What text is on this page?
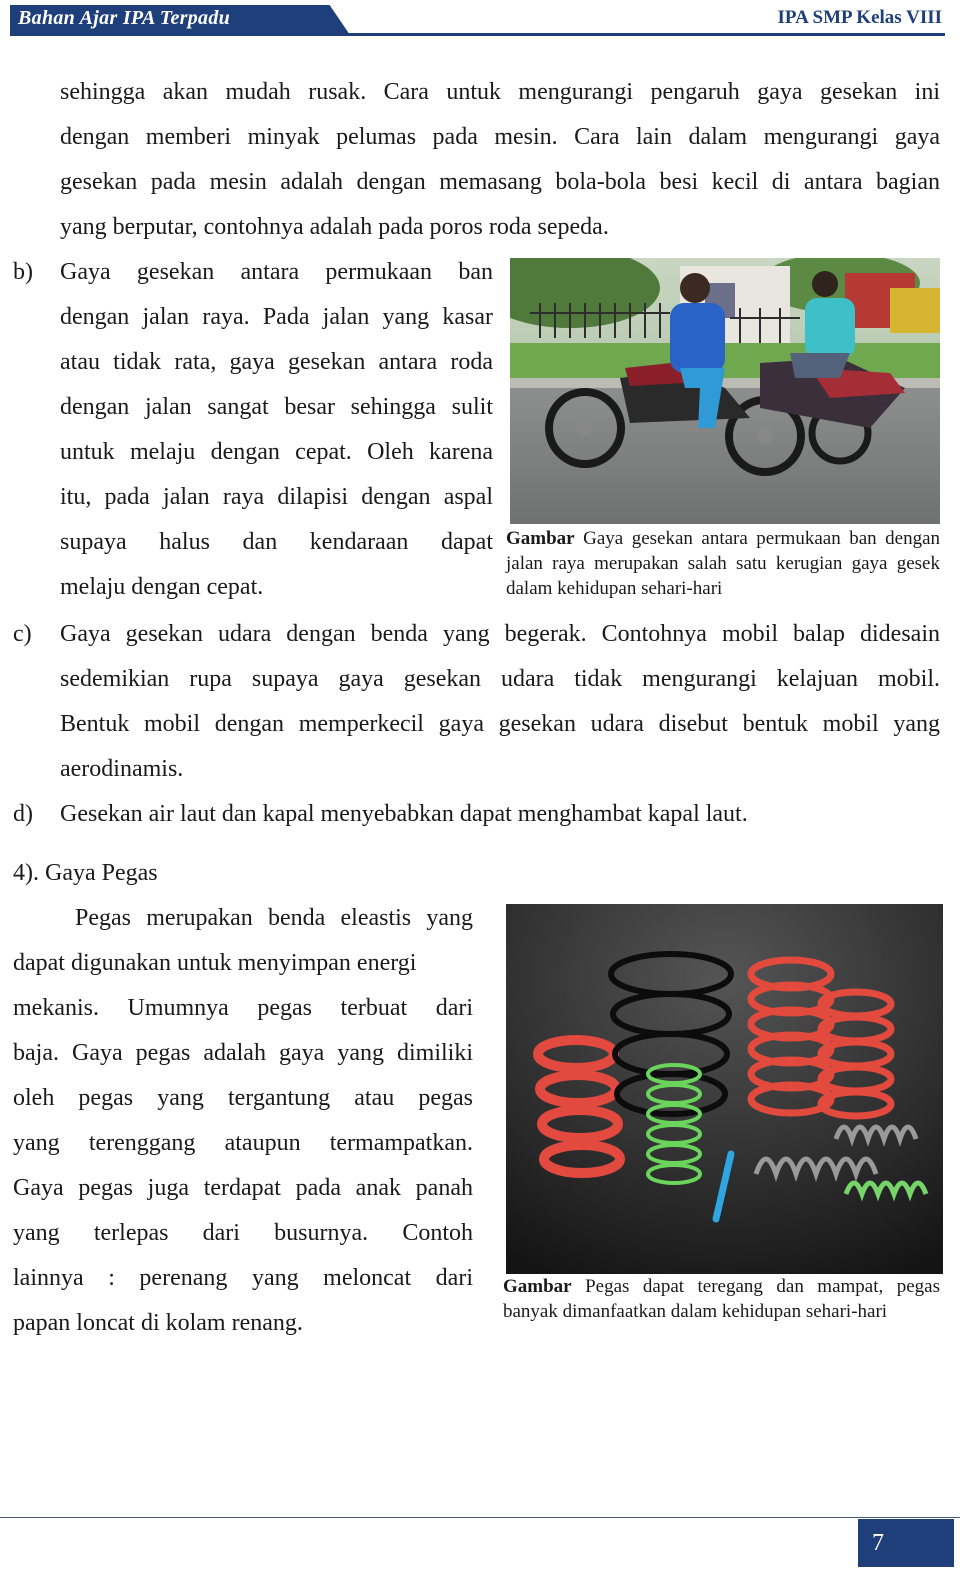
Bahan Ajar IPA Terpadu	IPA SMP Kelas VIII
sehingga akan mudah rusak. Cara untuk mengurangi pengaruh gaya gesekan ini
dengan memberi minyak pelumas pada mesin. Cara lain dalam mengurangi gaya
gesekan pada mesin adalah dengan memasang bola-bola besi kecil di antara bagian
yang berputar, contohnya adalah pada poros roda sepeda.
b) Gaya gesekan antara permukaan ban
dengan jalan raya. Pada jalan yang kasar
atau tidak rata, gaya gesekan antara roda
dengan jalan sangat besar sehingga sulit
untuk melaju dengan cepat. Oleh karena
itu, pada jalan raya dilapisi dengan aspal
supaya halus dan kendaraan dapat
melaju dengan cepat.
Gambar Gaya gesekan antara permukaan ban dengan jalan raya merupakan salah satu kerugian gaya gesek dalam kehidupan sehari-hari
c) Gaya gesekan udara dengan benda yang begerak. Contohnya mobil balap didesain
sedemikian rupa supaya gaya gesekan udara tidak mengurangi kelajuan mobil.
Bentuk mobil dengan memperkecil gaya gesekan udara disebut bentuk mobil yang
aerodinamis.
d) Gesekan air laut dan kapal menyebabkan dapat menghambat kapal laut.
4). Gaya Pegas
Pegas merupakan benda eleastis yang
dapat digunakan untuk menyimpan energi
mekanis. Umumnya pegas terbuat dari
baja. Gaya pegas adalah gaya yang dimiliki
oleh pegas yang tergantung atau pegas
yang terenggang ataupun termampatkan.
Gaya pegas juga terdapat pada anak panah
yang terlepas dari busurnya. Contoh
lainnya : perenang yang meloncat dari
papan loncat di kolam renang.
Gambar Pegas dapat teregang dan mampat, pegas banyak dimanfaatkan dalam kehidupan sehari-hari
7
